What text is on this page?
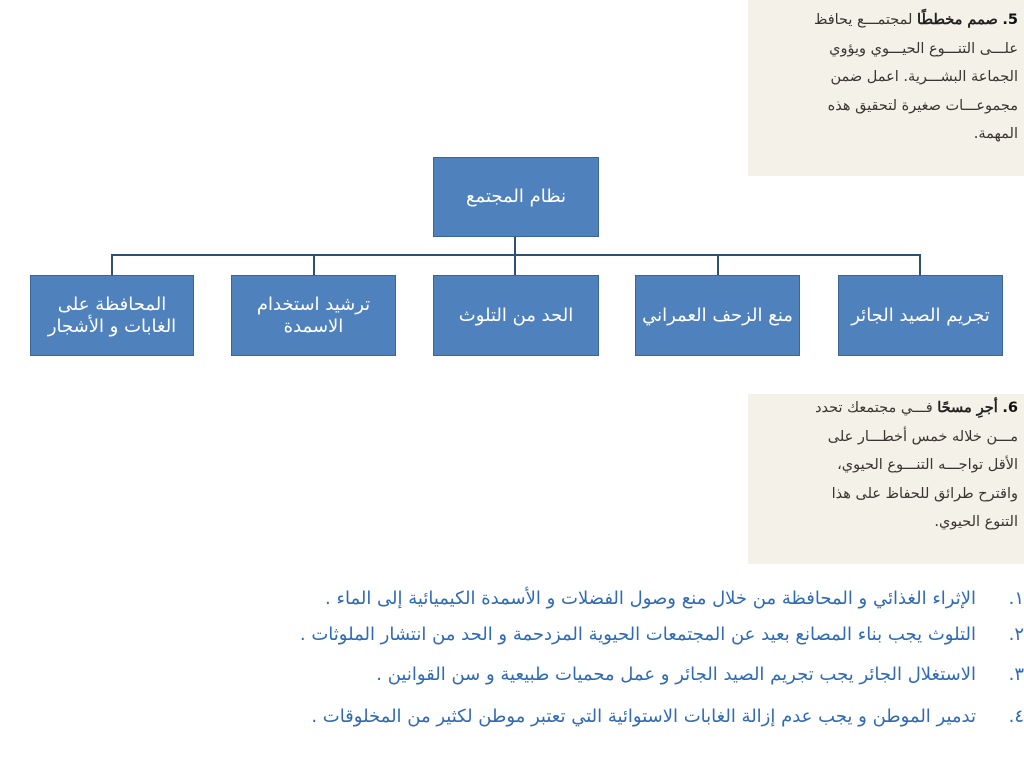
5. صمم مخططًا لمجتمـــع يحافظ
علـــى التنـــوع الحيـــوي ويؤوي
الجماعة البشـــرية. اعمل ضمن
مجموعـــات صغيرة لتحقيق هذه
المهمة.
نظام المجتمع
تجريم الصيد الجائر
منع الزحف العمراني
الحد من التلوث
ترشيد استخدام الاسمدة
المحافظة على الغابات و الأشجار
6. أجرِ مسحًا فـــي مجتمعك تحدد
مـــن خلاله خمس أخطـــار على
الأقل تواجـــه التنـــوع الحيوي،
واقترح طرائق للحفاظ على هذا
التنوع الحيوي.
١.الإثراء الغذائي و المحافظة من خلال منع وصول الفضلات و الأسمدة الكيميائية إلى الماء .
٢.التلوث يجب بناء المصانع بعيد عن المجتمعات الحيوية المزدحمة و الحد من انتشار الملوثات .
٣.الاستغلال الجائر يجب تجريم الصيد الجائر و عمل محميات طبيعية و سن القوانين .
٤.تدمير الموطن و يجب عدم إزالة الغابات الاستوائية التي تعتبر موطن لكثير من المخلوقات .
